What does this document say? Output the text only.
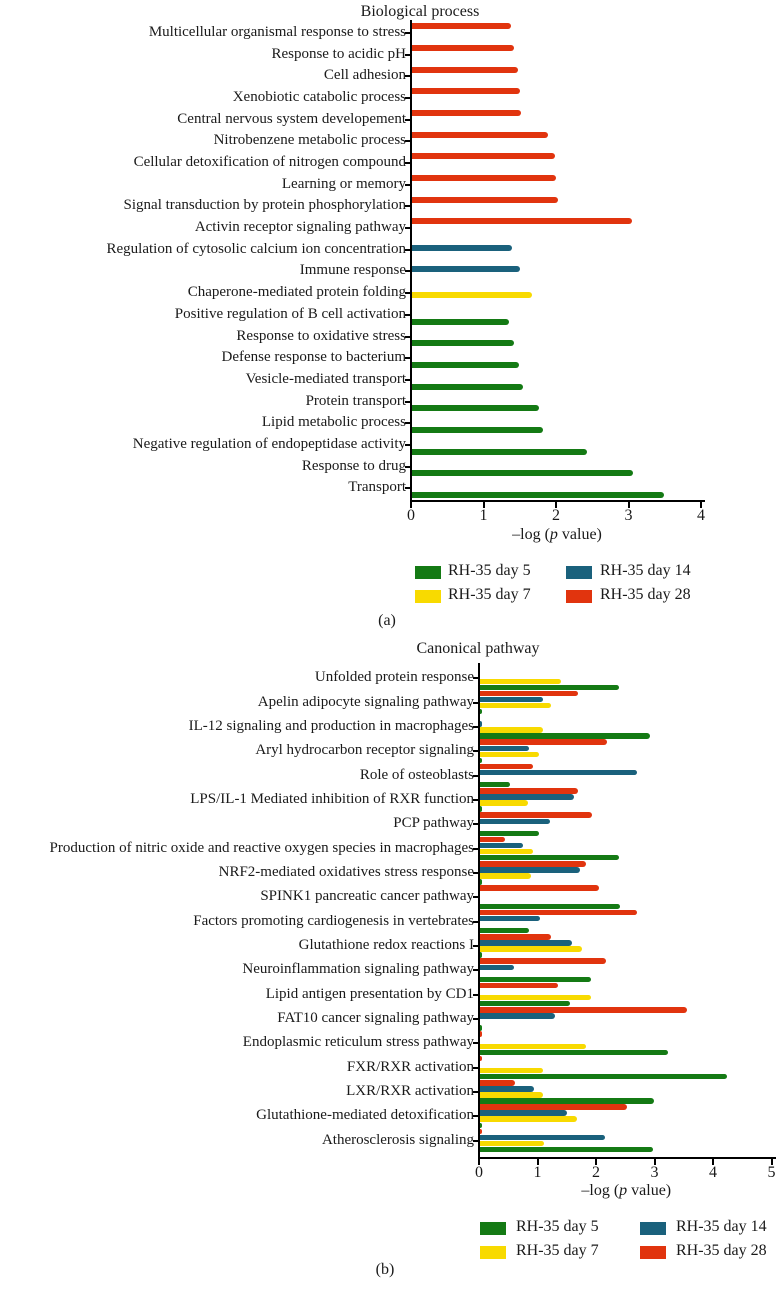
Biological process
Multicellular organismal response to stress
Response to acidic pH
Cell adhesion
Xenobiotic catabolic process
Central nervous system developement
Nitrobenzene metabolic process
Cellular detoxification of nitrogen compound
Learning or memory
Signal transduction by protein phosphorylation
Activin receptor signaling pathway
Regulation of cytosolic calcium ion concentration
Immune response
Chaperone-mediated protein folding
Positive regulation of B cell activation
Response to oxidative stress
Defense response to bacterium
Vesicle-mediated transport
Protein transport
Lipid metabolic process
Negative regulation of endopeptidase activity
Response to drug
Transport
0	1	2	3	4
–log (p value)
RH-35 day 5
RH-35 day 7
RH-35 day 14
RH-35 day 28
(a)
Canonical pathway
Unfolded protein response
Apelin adipocyte signaling pathway
IL-12 signaling and production in macrophages
Aryl hydrocarbon receptor signaling
Role of osteoblasts
LPS/IL-1 Mediated inhibition of RXR function
PCP pathway
Production of nitric oxide and reactive oxygen species in macrophages
NRF2-mediated oxidatives stress response
SPINK1 pancreatic cancer pathway
Factors promoting cardiogenesis in vertebrates
Glutathione redox reactions I
Neuroinflammation signaling pathway
Lipid antigen presentation by CD1
FAT10 cancer signaling pathway
Endoplasmic reticulum stress pathway
FXR/RXR activation
LXR/RXR activation
Glutathione-mediated detoxification
Atherosclerosis signaling
0	1	2	3	4	5
–log (p value)
RH-35 day 5
RH-35 day 7
RH-35 day 14
RH-35 day 28
(b)
